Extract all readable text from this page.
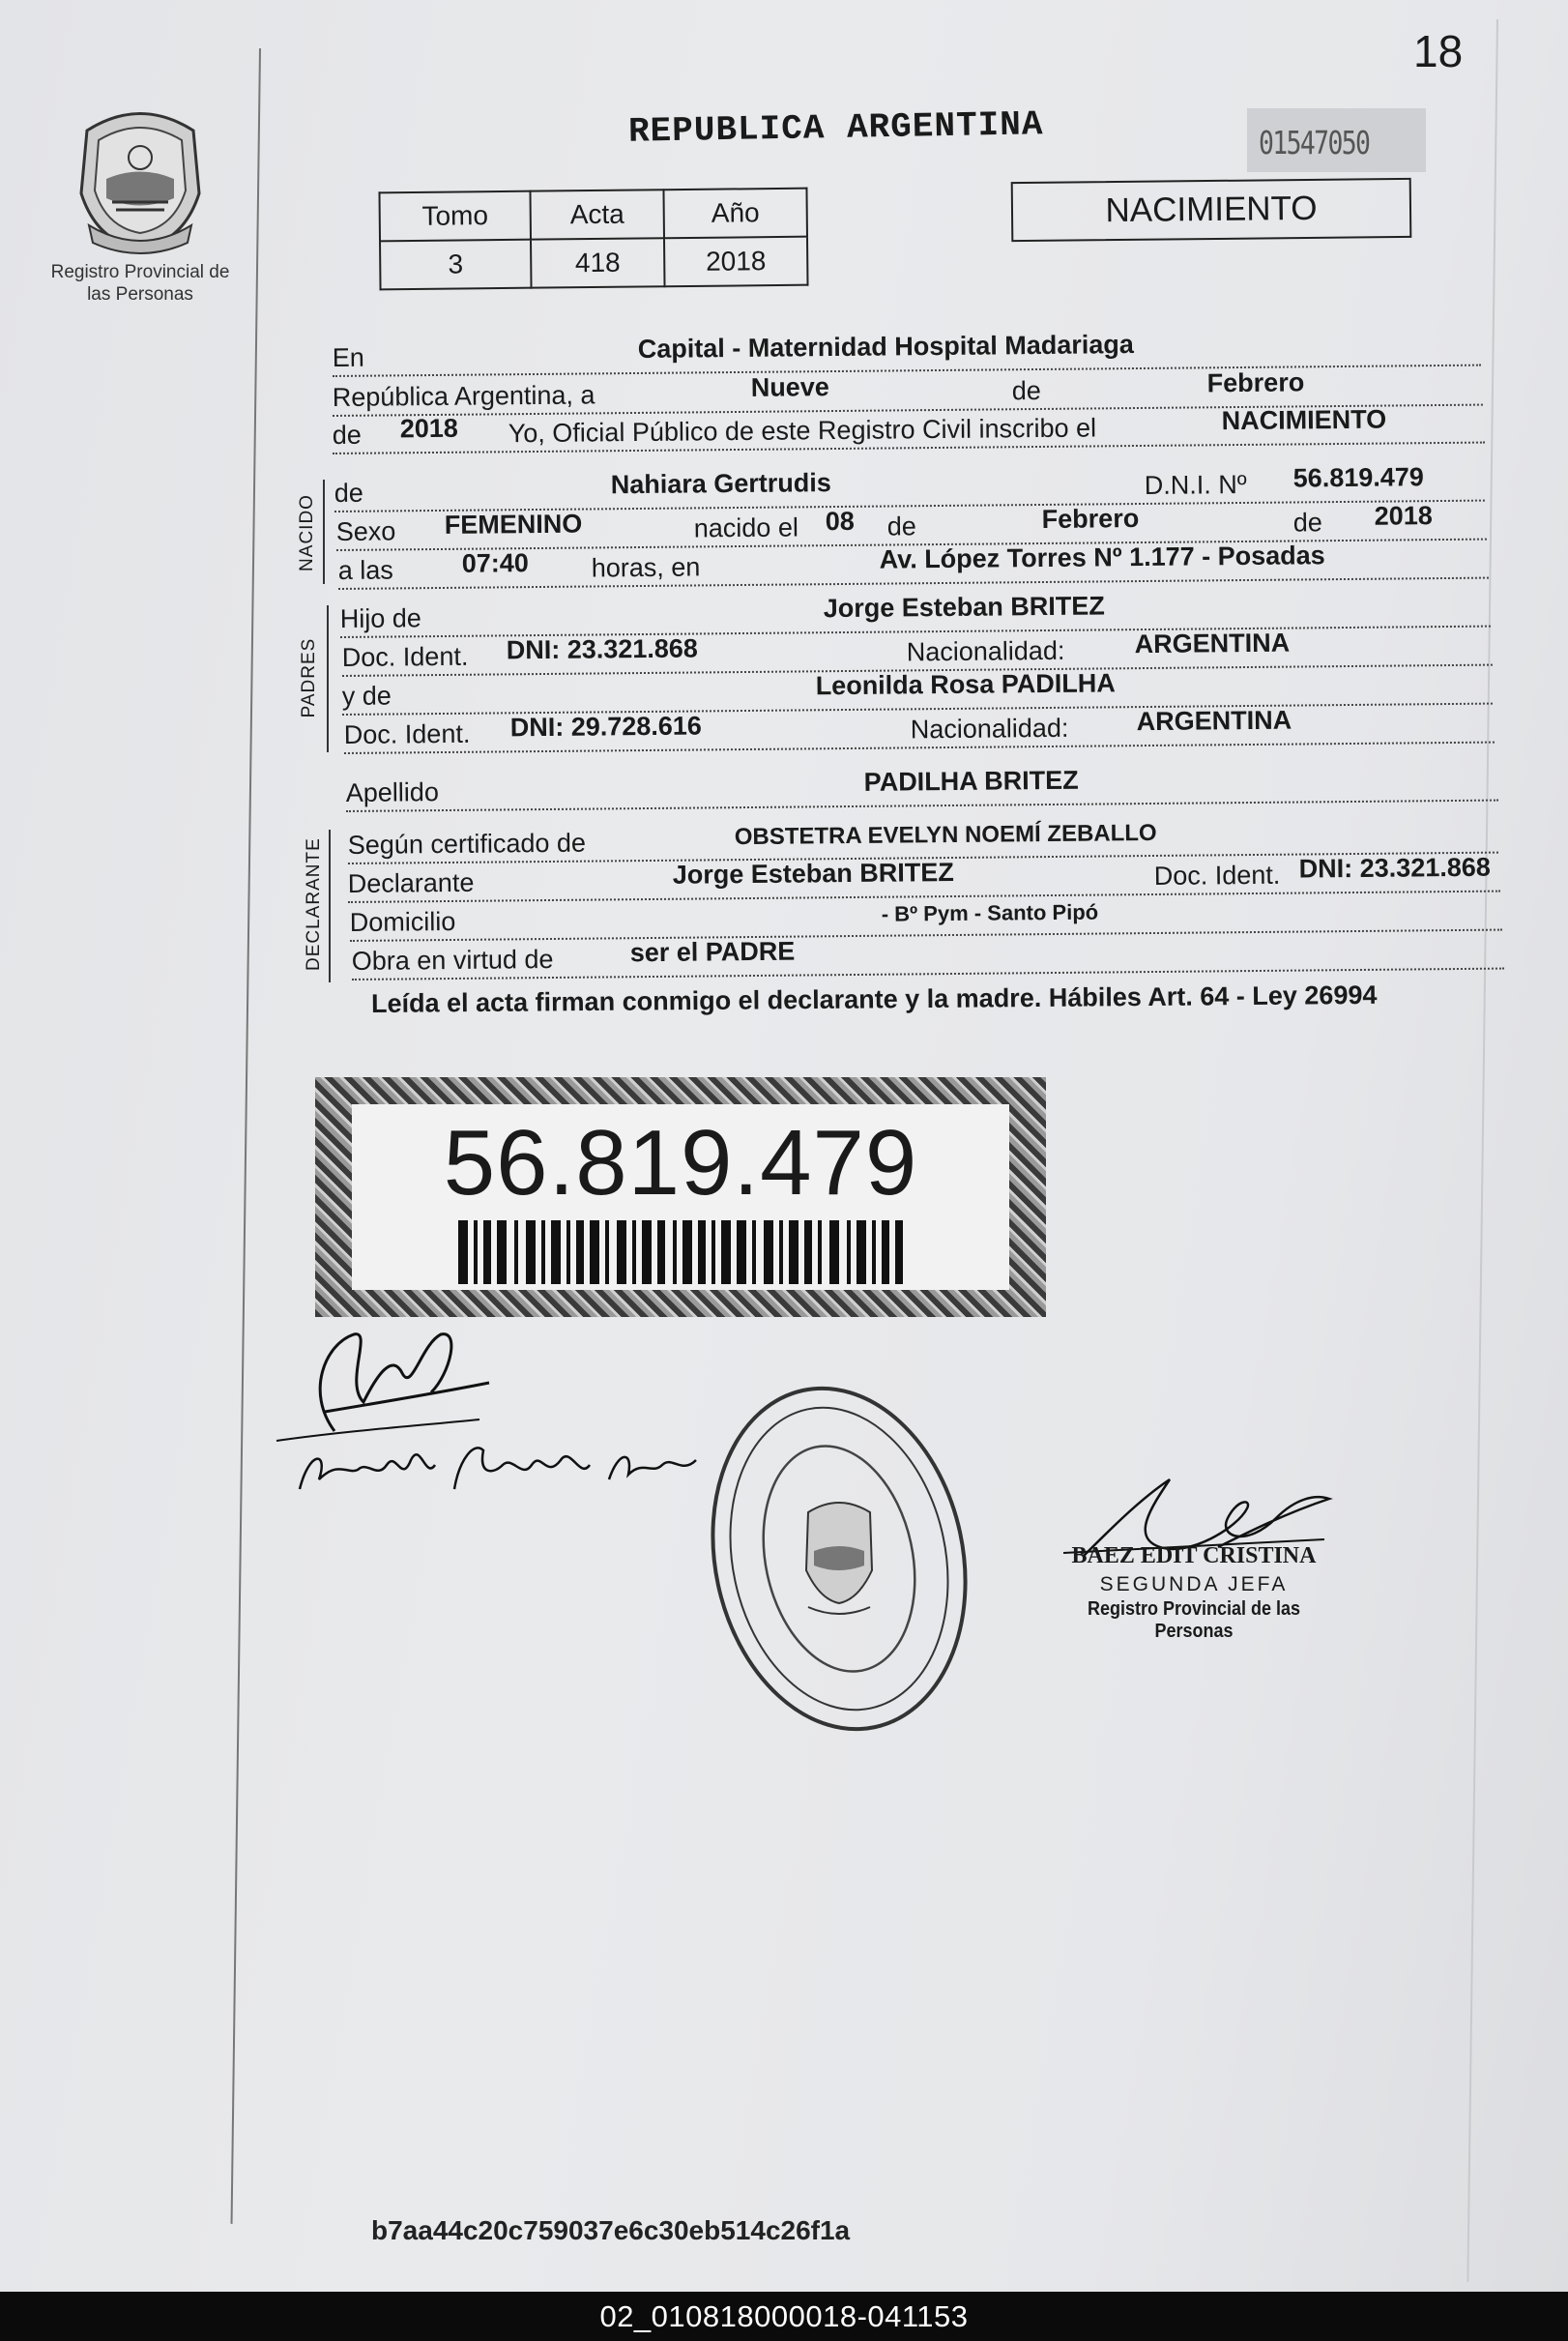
18
Registro Provincial de las Personas
REPUBLICA ARGENTINA	01547050
Tomo	Acta	Año
3	418	2018
NACIMIENTO
En	Capital - Maternidad Hospital Madariaga
República Argentina, a	Nueve	de	Febrero
de 2018 Yo, Oficial Público de este Registro Civil inscribo el	NACIMIENTO
NACIDO
de	Nahiara Gertrudis	D.N.I. Nº 56.819.479
Sexo FEMENINO	nacido el 08 de	Febrero	de 2018
a las	07:40 horas, en	Av. López Torres Nº 1.177 - Posadas
PADRES
Hijo de	Jorge Esteban BRITEZ
Doc. Ident. DNI: 23.321.868	Nacionalidad:	ARGENTINA
y de	Leonilda Rosa PADILHA
Doc. Ident. DNI: 29.728.616	Nacionalidad:	ARGENTINA
Apellido	PADILHA BRITEZ
DECLARANTE Según certificado de	OBSTETRA EVELYN NOEMÍ ZEBALLO
Declarante	Jorge Esteban BRITEZ	Doc. Ident. DNI: 23.321.868
Domicilio	- Bº Pym - Santo Pipó
Obra en virtud de	ser el PADRE
Leída el acta firman conmigo el declarante y la madre. Hábiles Art. 64 - Ley 26994
56.819.479
BAEZ EDIT CRISTINA
SEGUNDA JEFA
Registro Provincial de las Personas
b7aa44c20c759037e6c30eb514c26f1a
02_010818000018-041153
